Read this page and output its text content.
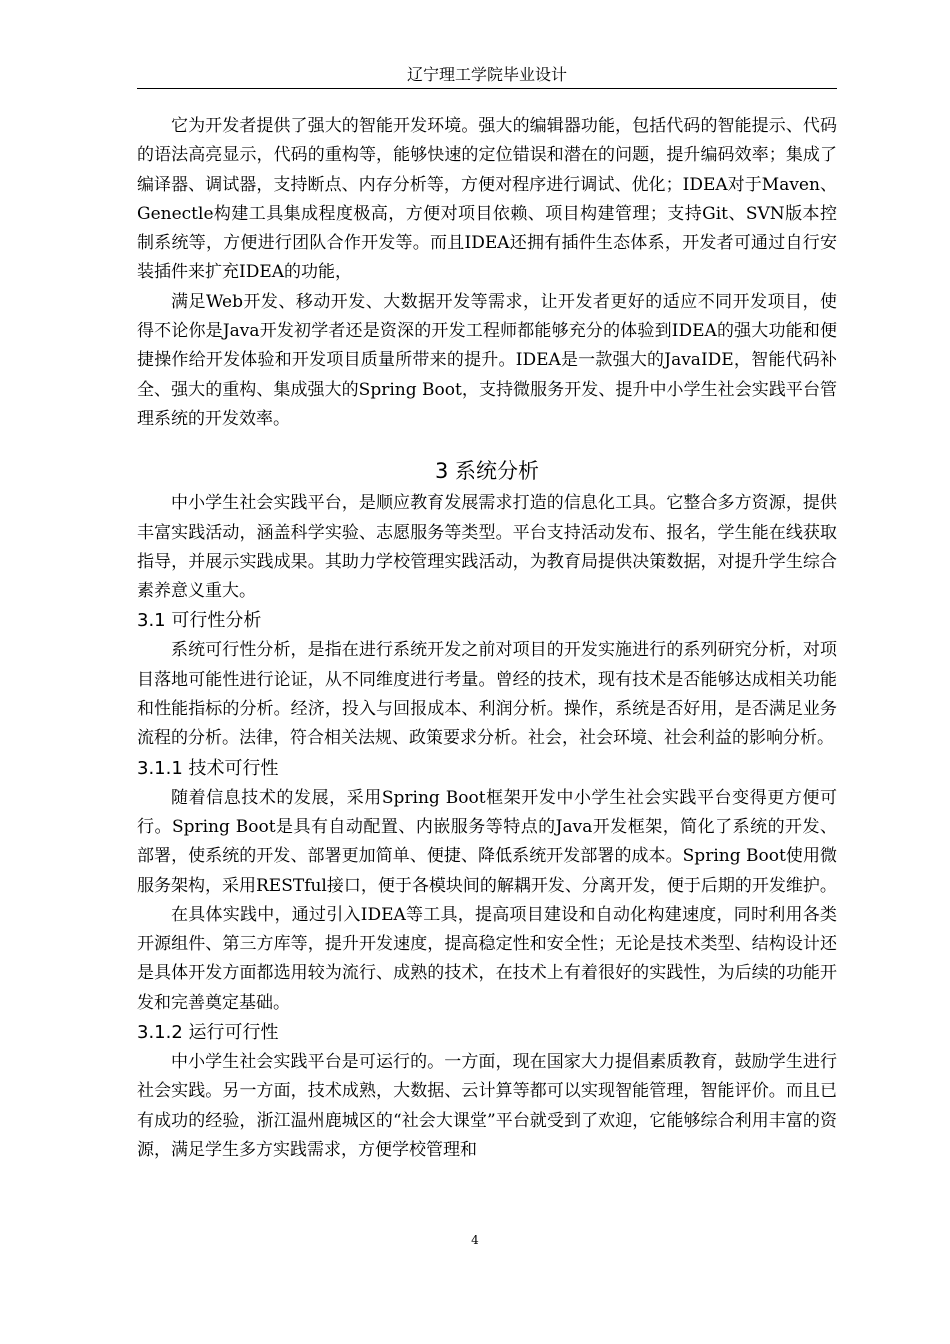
辽宁理工学院毕业设计

它为开发者提供了强大的智能开发环境。强大的编辑器功能，包括代码的智能提示、代码的语法高亮显示，代码的重构等，能够快速的定位错误和潜在的问题，提升编码效率；集成了编译器、调试器，支持断点、内存分析等，方便对程序进行调试、优化；IDEA对于Maven、Genectle构建工具集成程度极高，方便对项目依赖、项目构建管理；支持Git、SVN版本控制系统等，方便进行团队合作开发等。而且IDEA还拥有插件生态体系，开发者可通过自行安装插件来扩充IDEA的功能，

满足Web开发、移动开发、大数据开发等需求，让开发者更好的适应不同开发项目，使得不论你是Java开发初学者还是资深的开发工程师都能够充分的体验到IDEA的强大功能和便捷操作给开发体验和开发项目质量所带来的提升。IDEA是一款强大的JavaIDE，智能代码补全、强大的重构、集成强大的Spring Boot，支持微服务开发、提升中小学生社会实践平台管理系统的开发效率。

3 系统分析

中小学生社会实践平台，是顺应教育发展需求打造的信息化工具。它整合多方资源，提供丰富实践活动，涵盖科学实验、志愿服务等类型。平台支持活动发布、报名，学生能在线获取指导，并展示实践成果。其助力学校管理实践活动，为教育局提供决策数据，对提升学生综合素养意义重大。

3.1 可行性分析

系统可行性分析，是指在进行系统开发之前对项目的开发实施进行的系列研究分析，对项目落地可能性进行论证，从不同维度进行考量。曾经的技术，现有技术是否能够达成相关功能和性能指标的分析。经济，投入与回报成本、利润分析。操作，系统是否好用，是否满足业务流程的分析。法律，符合相关法规、政策要求分析。社会，社会环境、社会利益的影响分析。

3.1.1 技术可行性

随着信息技术的发展，采用Spring Boot框架开发中小学生社会实践平台变得更方便可行。Spring Boot是具有自动配置、内嵌服务等特点的Java开发框架，简化了系统的开发、部署，使系统的开发、部署更加简单、便捷、降低系统开发部署的成本。Spring Boot使用微服务架构，采用RESTful接口，便于各模块间的解耦开发、分离开发，便于后期的开发维护。

在具体实践中，通过引入IDEA等工具，提高项目建设和自动化构建速度，同时利用各类开源组件、第三方库等，提升开发速度，提高稳定性和安全性；无论是技术类型、结构设计还是具体开发方面都选用较为流行、成熟的技术，在技术上有着很好的实践性，为后续的功能开发和完善奠定基础。

3.1.2 运行可行性

中小学生社会实践平台是可运行的。一方面，现在国家大力提倡素质教育，鼓励学生进行社会实践。另一方面，技术成熟，大数据、云计算等都可以实现智能管理，智能评价。而且已有成功的经验，浙江温州鹿城区的“社会大课堂”平台就受到了欢迎，它能够综合利用丰富的资源，满足学生多方实践需求，方便学校管理和

4
